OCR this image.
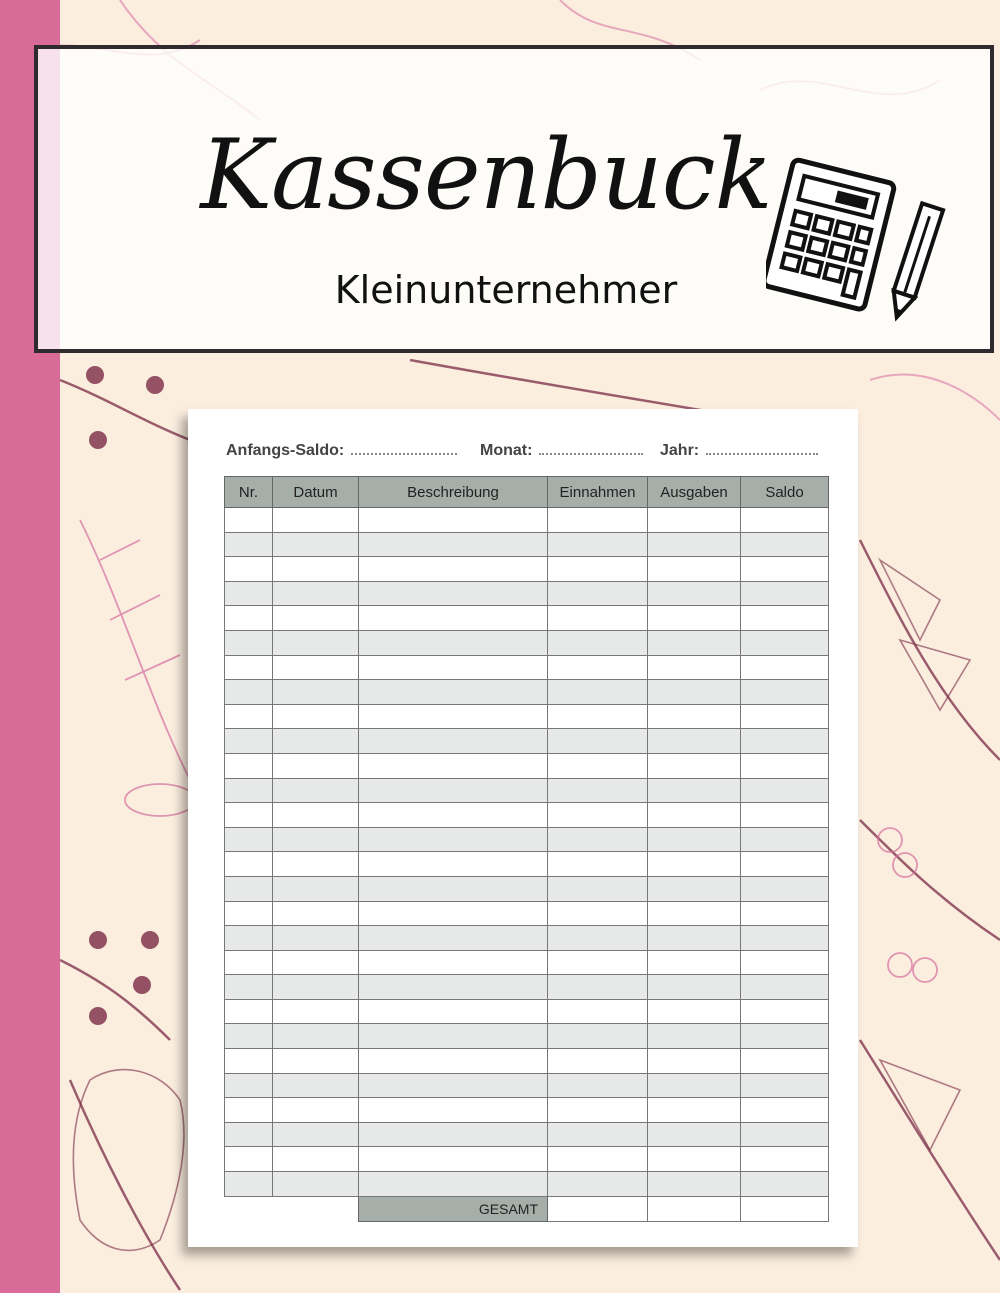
Kassenbuck
Kleinunternehmer
Anfangs-Saldo:	Monat:	Jahr:
Nr.	Datum	Beschreibung	Einnahmen	Ausgaben	Saldo

		GESAMT			
